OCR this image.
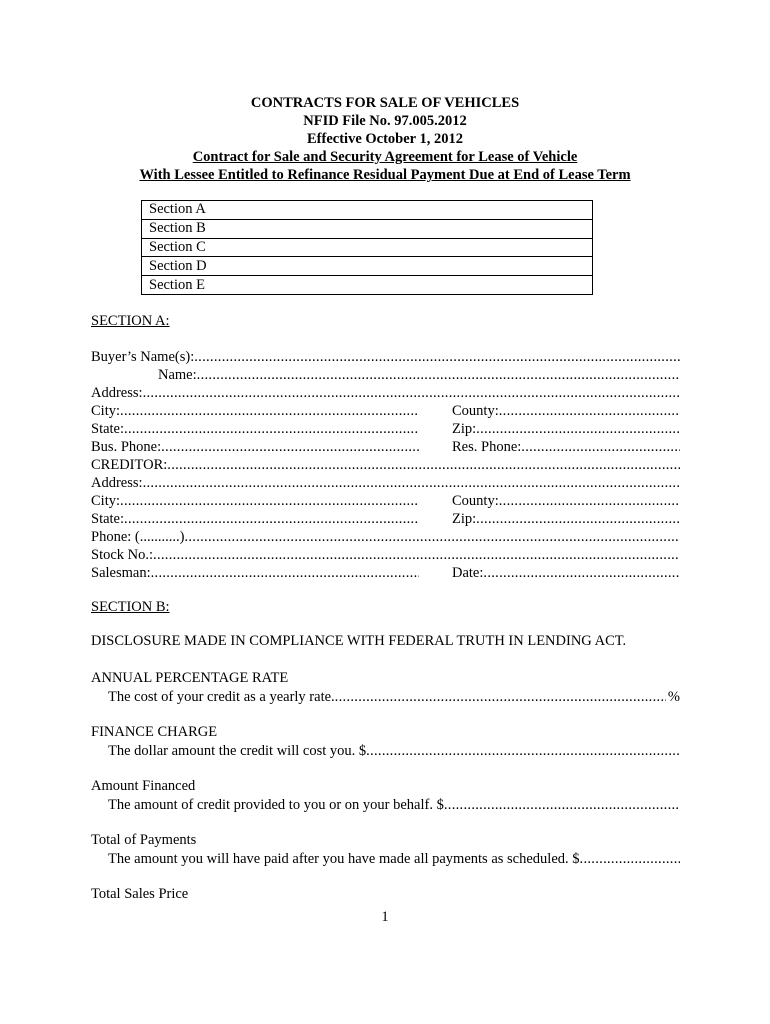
CONTRACTS FOR SALE OF VEHICLES
NFID File No. 97.005.2012
Effective October 1, 2012
Contract for Sale and Security Agreement for Lease of Vehicle
With Lessee Entitled to Refinance Residual Payment Due at End of Lease Term
Section A
Section B
Section C
Section D
Section E
SECTION A:
Buyer’s Name(s):
.....
Name:
.....
Address:
.....
City: .....	County:
.....
State: .....	Zip:
.....
Bus. Phone: .....	Res. Phone:
.....
CREDITOR:
.....
Address:
.....
City: .....	County:
.....
State: .....	Zip:
.....
Phone: (...........)
.....
Stock No.:
.....
Salesman: .....	Date:
.....
SECTION B:
DISCLOSURE MADE IN COMPLIANCE WITH FEDERAL TRUTH IN LENDING ACT.
ANNUAL PERCENTAGE RATE
The cost of your credit as a yearly rate. .....	%
FINANCE CHARGE
The dollar amount the credit will cost you. $
.....
Amount Financed
The amount of credit provided to you or on your behalf. $
.....
Total of Payments
The amount you will have paid after you have made all payments as scheduled. $
.....
Total Sales Price
1
